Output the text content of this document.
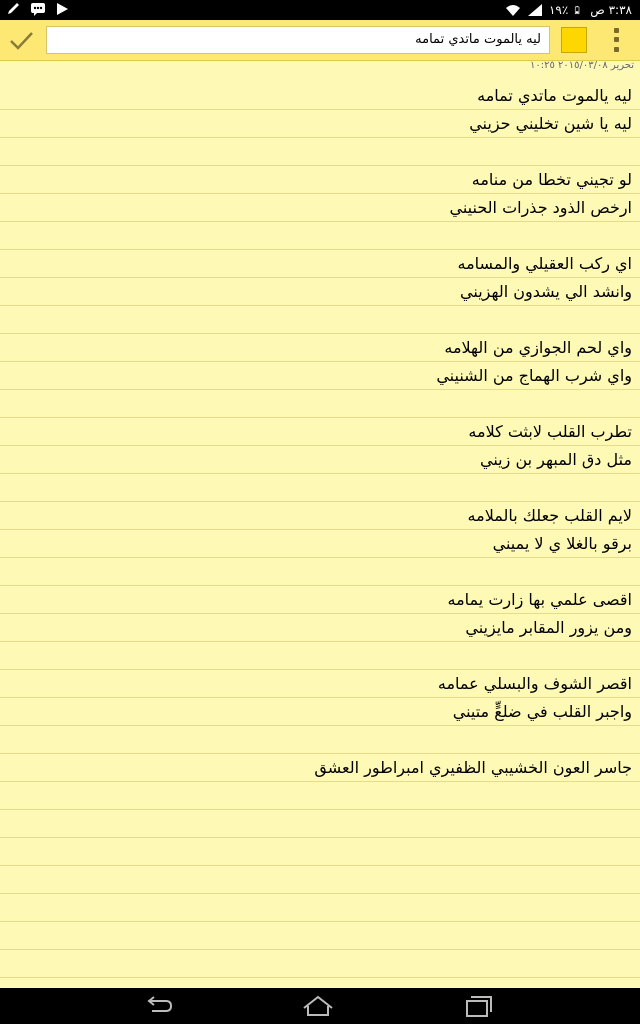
١٩٪ ٣:٣٨ ص
ليه يالموت ماتدي تمامه
تحرير ٢٠١٥/٠٣/٠٨ ١٠:٢٥
ليه يالموت ماتدي تمامه
ليه يا شين تخليني حزيني
لو تجيني تخطا من منامه
ارخص الذود جذرات الحنيني
اي ركب العقيلي والمسامه
وانشد الي يشدون الهزيني
واي لحم الجوازي من الهلامه
واي شرب الهماج من الشنيني
تطرب القلب لابثت كلامه
مثل دق المبهر بن زيني
لايم القلب جعلك بالملامه
برقو بالغلا ي لا يميني
اقصى علمي بها زارت يمامه
ومن يزور المقابر مايزيني
اقصر الشوف والبسلي عمامه
واجبر القلب في ضلعٍّ متيني
جاسر العون الخشيبي الظفيري امبراطور العشق
